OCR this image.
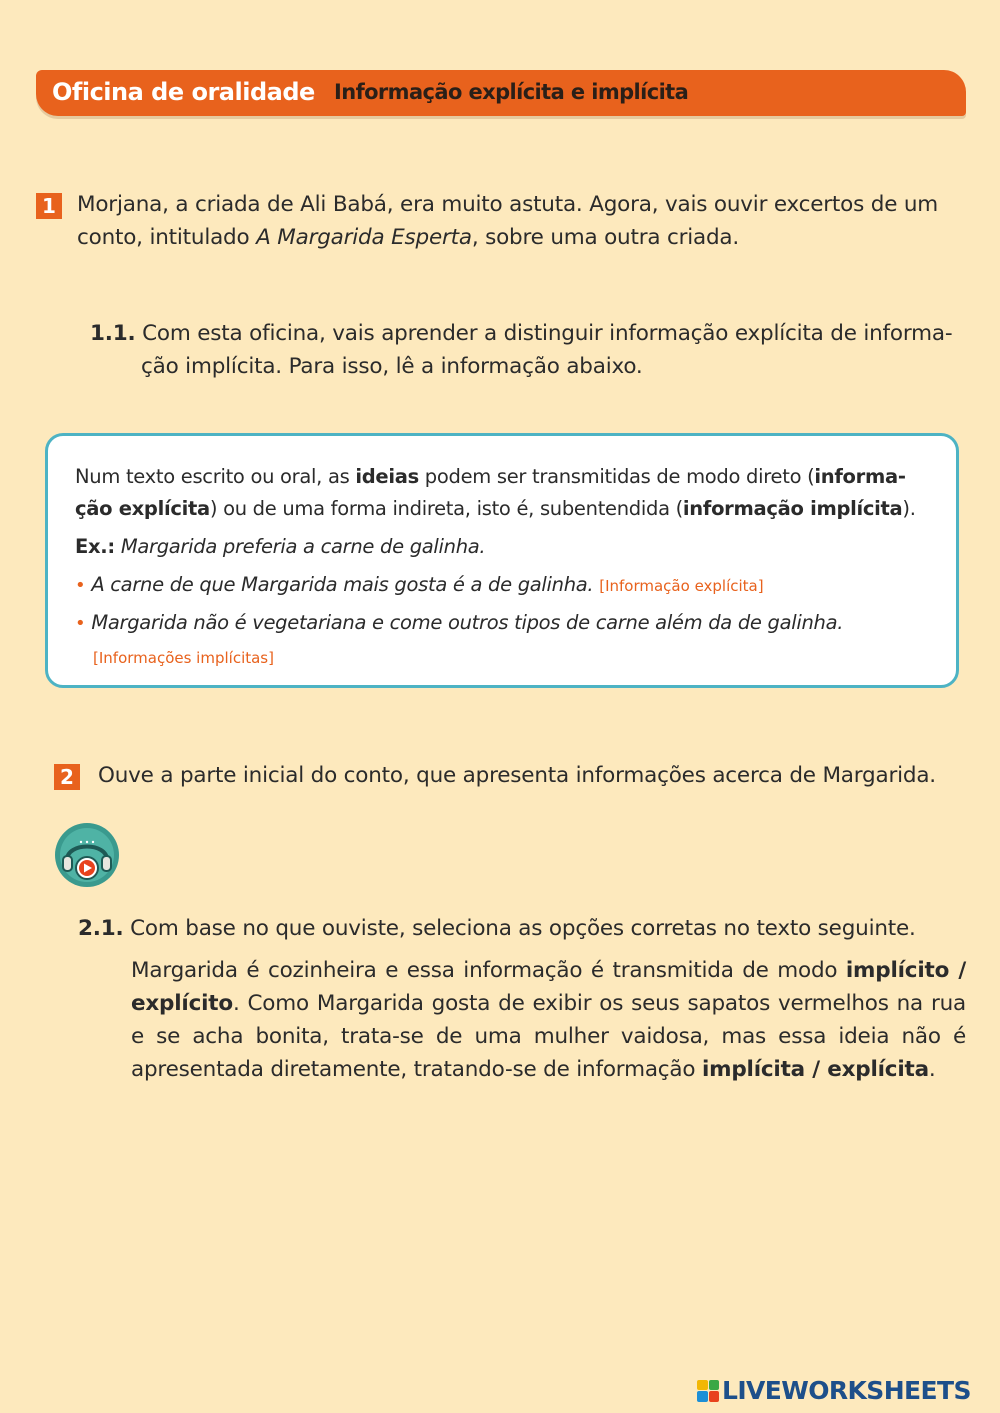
Oficina de oralidade Informação explícita e implícita
1 Morjana, a criada de Ali Babá, era muito astuta. Agora, vais ouvir excertos de um conto, intitulado A Margarida Esperta, sobre uma outra criada.
1.1. Com esta oficina, vais aprender a distinguir informação explícita de informa-
ção implícita. Para isso, lê a informação abaixo.
Num texto escrito ou oral, as ideias podem ser transmitidas de modo direto (informa-
ção explícita) ou de uma forma indireta, isto é, subentendida (informação implícita).
Ex.: Margarida preferia a carne de galinha.
• A carne de que Margarida mais gosta é a de galinha. [Informação explícita]
• Margarida não é vegetariana e come outros tipos de carne além da de galinha.
[Informações implícitas]
2 Ouve a parte inicial do conto, que apresenta informações acerca de Margarida.
2.1. Com base no que ouviste, seleciona as opções corretas no texto seguinte.
Margarida é cozinheira e essa informação é transmitida de modo implícito / explícito. Como Margarida gosta de exibir os seus sapatos vermelhos na rua e se acha bonita, trata-se de uma mulher vaidosa, mas essa ideia não é apresentada diretamente, tratando-se de informação implícita / explícita.
LIVEWORKSHEETS
